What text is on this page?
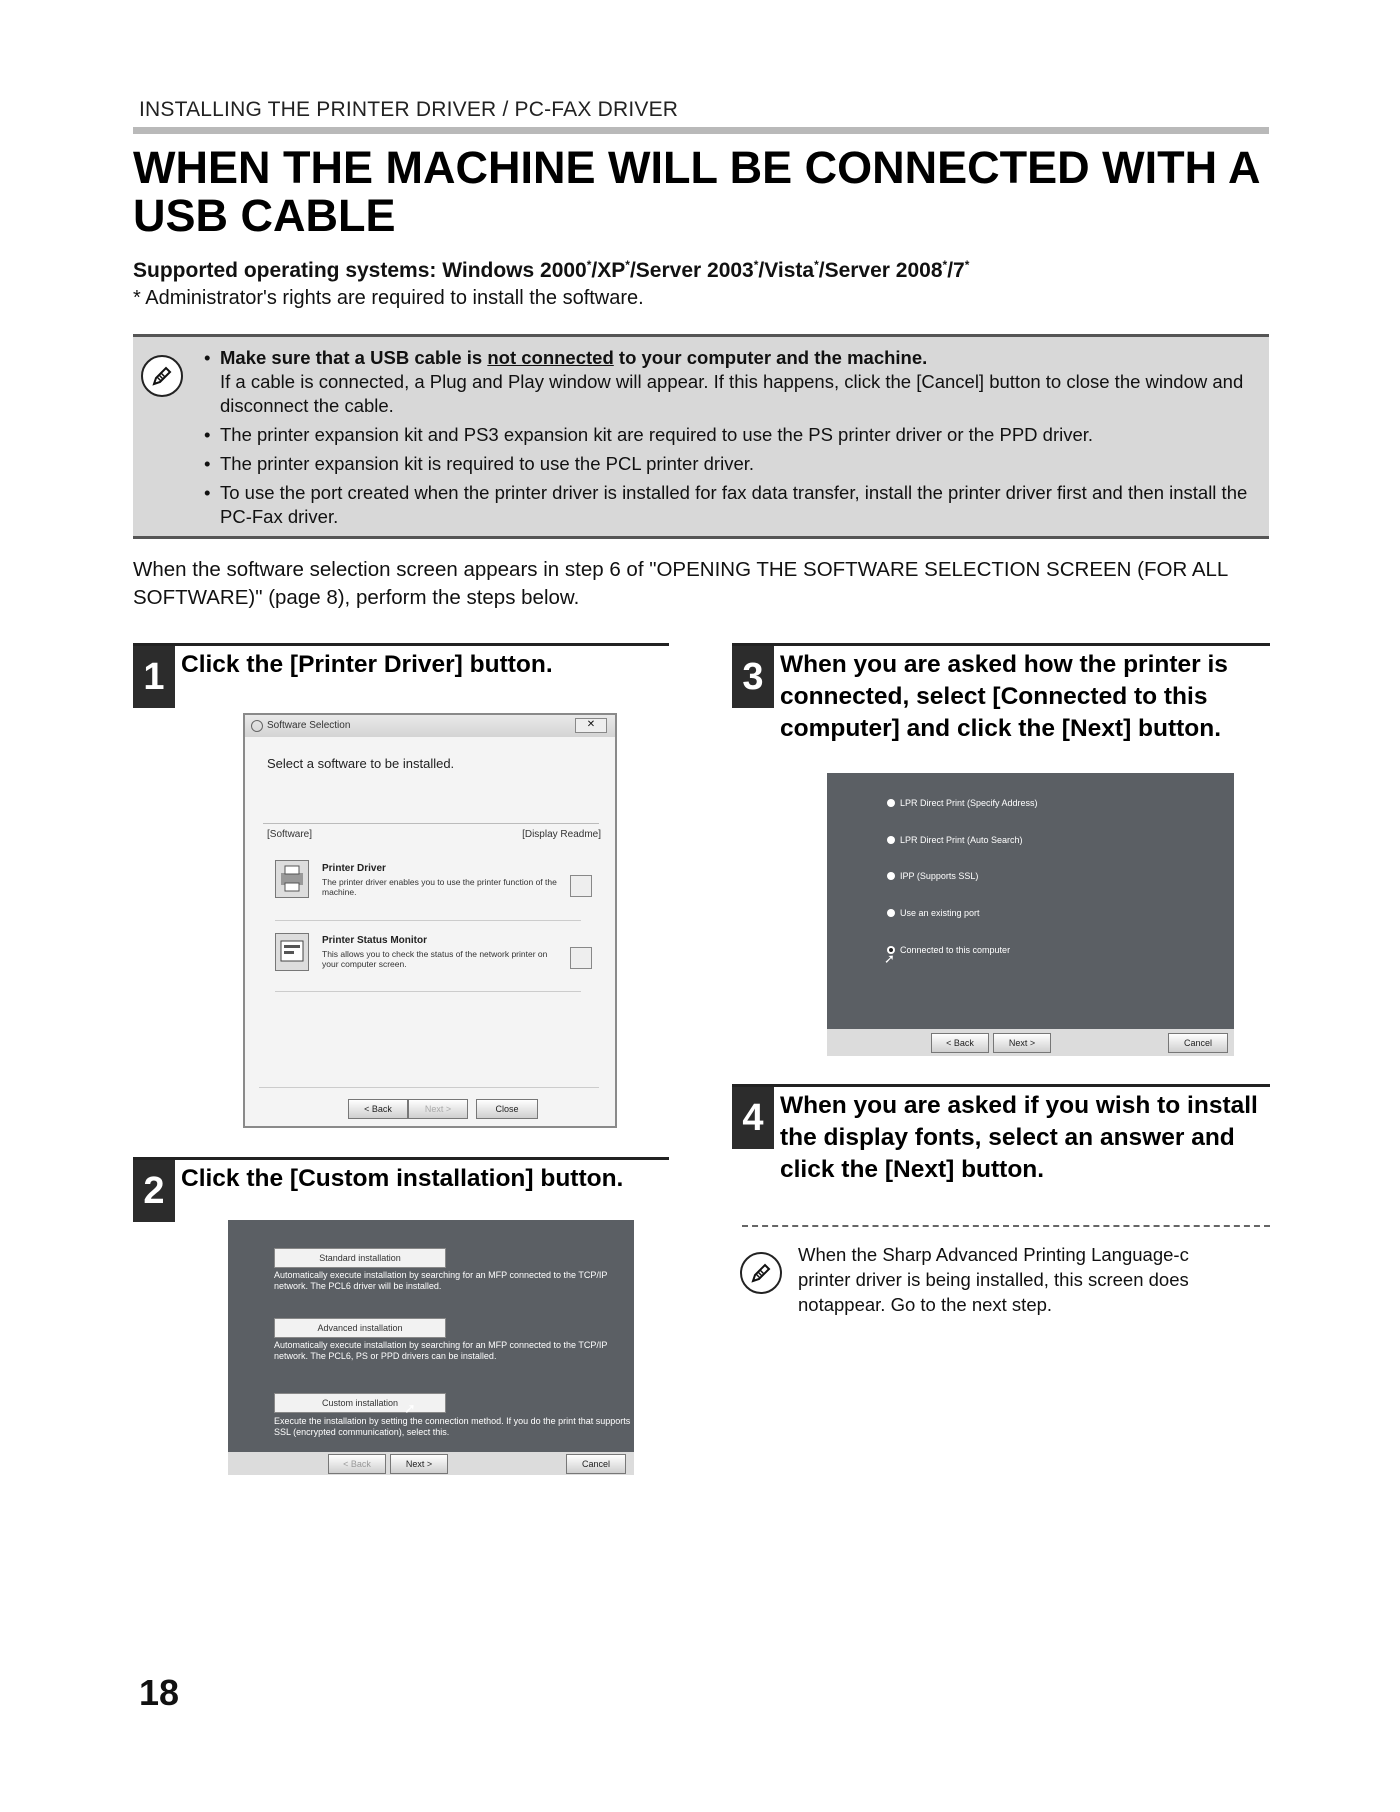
INSTALLING THE PRINTER DRIVER / PC-FAX DRIVER
WHEN THE MACHINE WILL BE CONNECTED WITH A USB CABLE
Supported operating systems: Windows 2000*/XP*/Server 2003*/Vista*/Server 2008*/7*
* Administrator's rights are required to install the software.
• Make sure that a USB cable is not connected to your computer and the machine.
If a cable is connected, a Plug and Play window will appear. If this happens, click the [Cancel] button to close the window and disconnect the cable.
• The printer expansion kit and PS3 expansion kit are required to use the PS printer driver or the PPD driver.
• The printer expansion kit is required to use the PCL printer driver.
• To use the port created when the printer driver is installed for fax data transfer, install the printer driver first and then install the PC-Fax driver.
When the software selection screen appears in step 6 of "OPENING THE SOFTWARE SELECTION SCREEN (FOR ALL SOFTWARE)" (page 8), perform the steps below.
1 Click the [Printer Driver] button.
Software Selection	✕
Select a software to be installed.
[Software]	[Display Readme]
Printer Driver
The printer driver enables you to use the printer function of the machine.
Printer Status Monitor
This allows you to check the status of the network printer on your computer screen.
< Back	Next >	Close
2 Click the [Custom installation] button.
Standard installation
Automatically execute installation by searching for an MFP connected to the TCP/IP network. The PCL6 driver will be installed.
Advanced installation
Automatically execute installation by searching for an MFP connected to the TCP/IP network. The PCL6, PS or PPD drivers can be installed.
Custom installation ➚
Execute the installation by setting the connection method. If you do the print that supports SSL (encrypted communication), select this.
< Back	Next >	Cancel
3 When you are asked how the printer is connected, select [Connected to this computer] and click the [Next] button.
LPR Direct Print (Specify Address)
LPR Direct Print (Auto Search)
IPP (Supports SSL)
Use an existing port
Connected to this computer
➚
< Back	Next >	Cancel
4 When you are asked if you wish to install the display fonts, select an answer and click the [Next] button.
When the Sharp Advanced Printing Language-c printer driver is being installed, this screen does notappear. Go to the next step.
18
